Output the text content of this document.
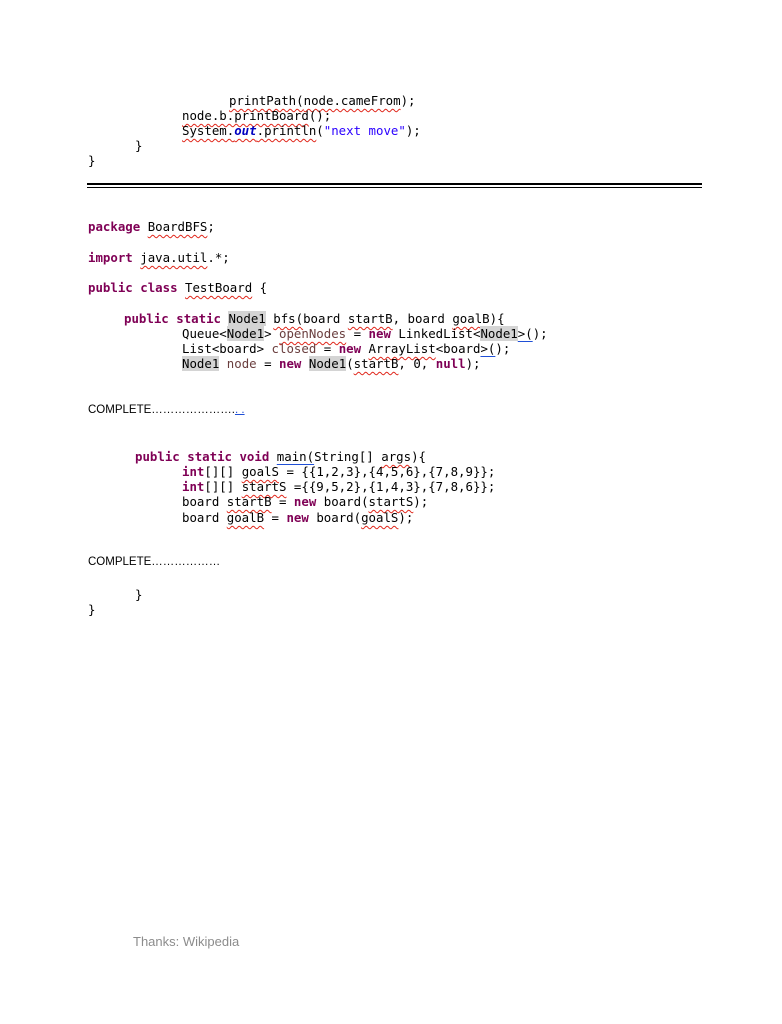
printPath(node.cameFrom);
node.b.printBoard();
System.out.println("next move");
}
}
package BoardBFS;
import java.util.*;
public class TestBoard {
public static Node1 bfs(board startB, board goalB){
Queue<Node1> openNodes = new LinkedList<Node1>();
List<board> closed = new ArrayList<board>();
Node1 node = new Node1(startB, 0, null);
COMPLETE………………….. .
public static void main(String[] args){
int[][] goalS = {{1,2,3},{4,5,6},{7,8,9}};
int[][] startS ={{9,5,2},{1,4,3},{7,8,6}};
board startB = new board(startS);
board goalB = new board(goalS);
COMPLETE………………
}
}
Thanks: Wikipedia
